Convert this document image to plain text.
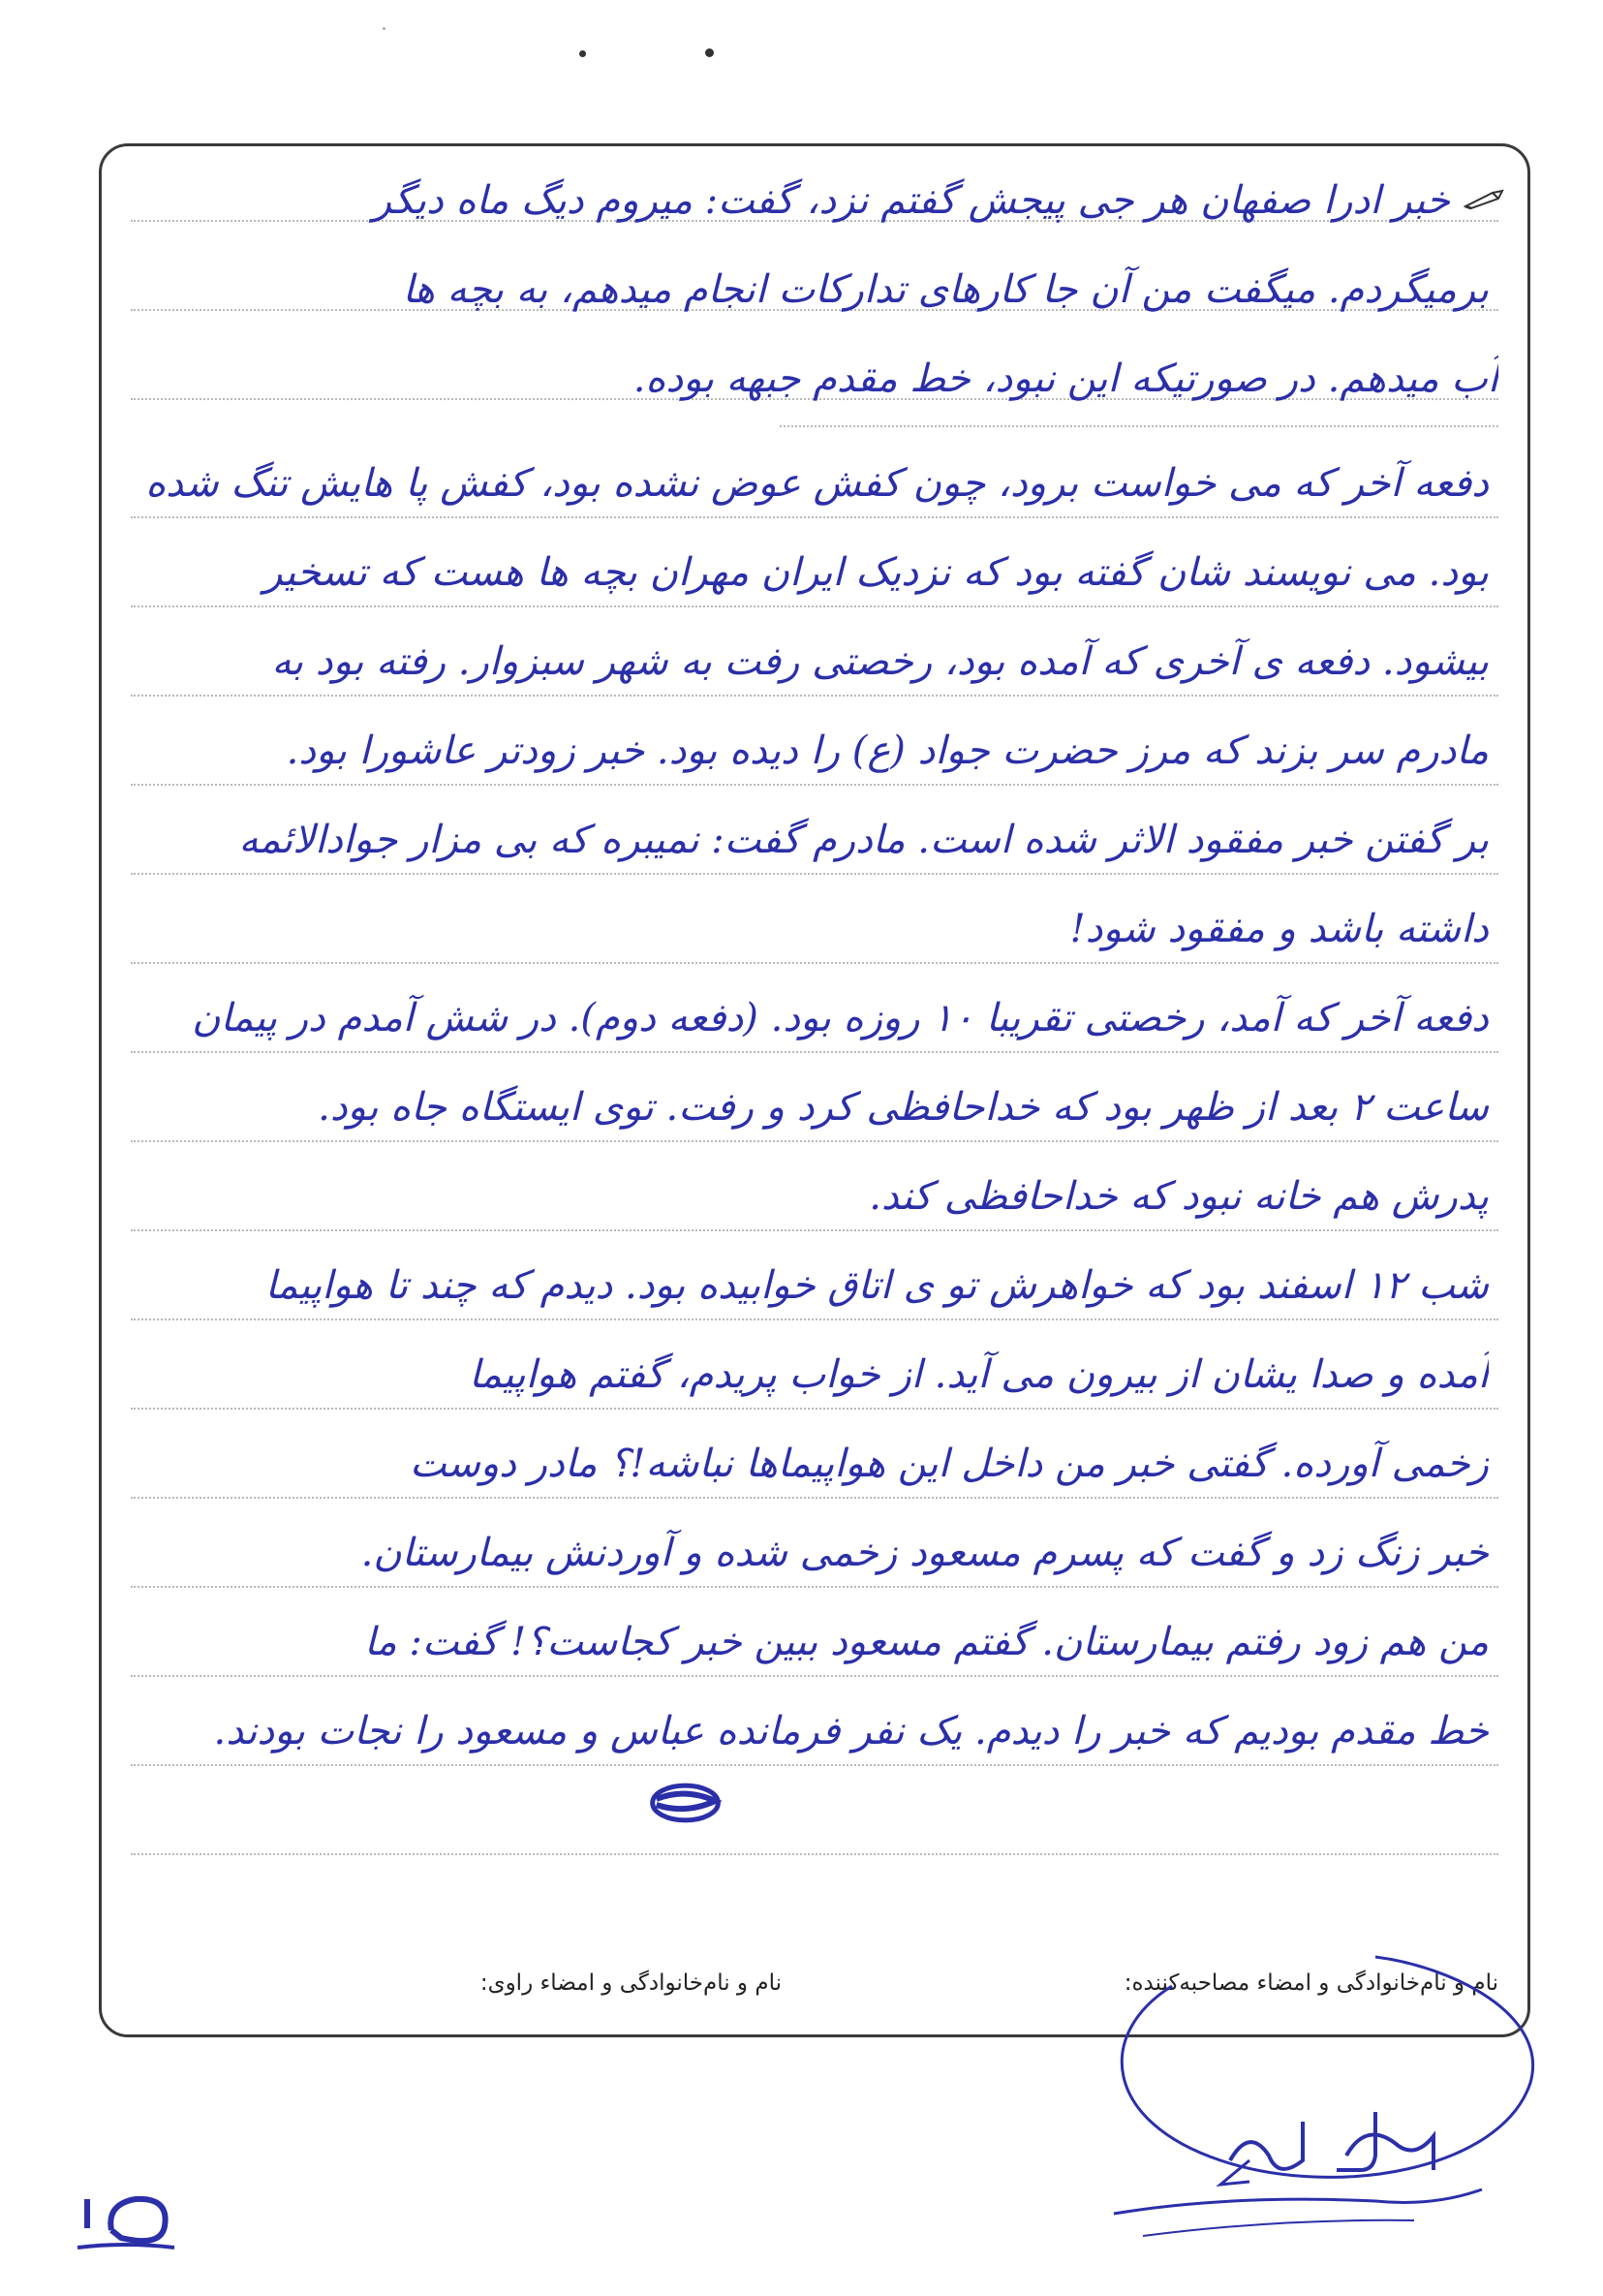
خبر ادرا صفهان هر جی پیجش گفتم نزد، گفت: میروم دیگ ماه دیگر
برمیگردم. میگفت من آن جا کارهای تدارکات انجام میدهم، به بچه ها
آب میدهم. در صورتیکه این نبود، خط مقدم جبهه بوده.
دفعه آخر که می خواست برود، چون کفش عوض نشده بود، کفش پا هایش تنگ شده
بود. می نویسند شان گفته بود که نزدیک ایران مهران بچه ها هست که تسخیر
بیشود. دفعه ی آخری که آمده بود، رخصتی رفت به شهر سبزوار. رفته بود به
مادرم سر بزند که مرز حضرت جواد (ع) را دیده بود. خبر زودتر عاشورا بود.
بر گفتن خبر مفقود الاثر شده است. مادرم گفت: نمیبره که بی مزار جوادالائمه
داشته باشد و مفقود شود!
دفعه آخر که آمد، رخصتی تقریبا ۱۰ روزه بود. (دفعه دوم). در شش آمدم در پیمان
ساعت ۲ بعد از ظهر بود که خداحافظی کرد و رفت. توی ایستگاه جاه بود.
پدرش هم خانه نبود که خداحافظی کند.
شب ۱۲ اسفند بود که خواهرش تو ی اتاق خوابیده بود. دیدم که چند تا هواپیما
آمده و صدا یشان از بیرون می آید. از خواب پریدم، گفتم هواپیما
زخمی آورده. گفتی خبر من داخل این هواپیماها نباشه!؟ مادر دوست
خبر زنگ زد و گفت که پسرم مسعود زخمی شده و آوردنش بیمارستان.
من هم زود رفتم بیمارستان. گفتم مسعود ببین خبر کجاست؟! گفت: ما
خط مقدم بودیم که خبر را دیدم. یک نفر فرمانده عباس و مسعود را نجات بودند.
نام و نام‌خانوادگی و امضاء مصاحبه‌کننده:
نام و نام‌خانوادگی و امضاء راوی:
